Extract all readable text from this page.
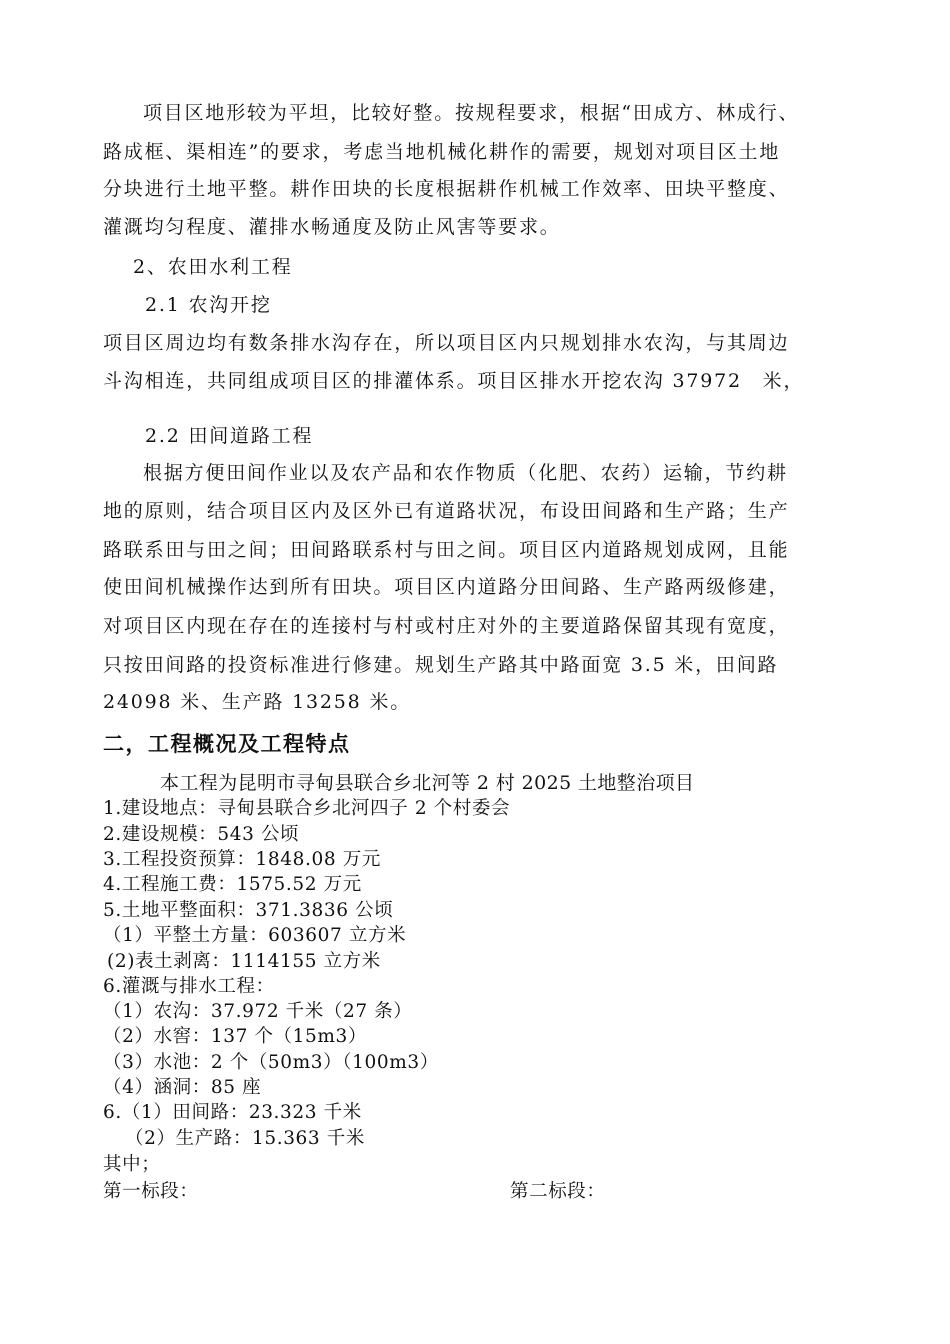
项目区地形较为平坦，比较好整。按规程要求，根据“田成方、林成行、
路成框、渠相连”的要求，考虑当地机械化耕作的需要，规划对项目区土地
分块进行土地平整。耕作田块的长度根据耕作机械工作效率、田块平整度、
灌溉均匀程度、灌排水畅通度及防止风害等要求。
2、农田水利工程
2.1 农沟开挖
项目区周边均有数条排水沟存在，所以项目区内只规划排水农沟，与其周边
斗沟相连，共同组成项目区的排灌体系。项目区排水开挖农沟 37972　米，
2.2 田间道路工程
根据方便田间作业以及农产品和农作物质（化肥、农药）运输，节约耕
地的原则，结合项目区内及区外已有道路状况，布设田间路和生产路；生产
路联系田与田之间；田间路联系村与田之间。项目区内道路规划成网，且能
使田间机械操作达到所有田块。项目区内道路分田间路、生产路两级修建，
对项目区内现在存在的连接村与村或村庄对外的主要道路保留其现有宽度，
只按田间路的投资标准进行修建。规划生产路其中路面宽 3.5 米，田间路
24098 米、生产路 13258 米。
二，工程概况及工程特点
本工程为昆明市寻甸县联合乡北河等 2 村 2025 土地整治项目
1.建设地点：寻甸县联合乡北河四子 2 个村委会
2.建设规模：543 公顷
3.工程投资预算：1848.08 万元
4.工程施工费：1575.52 万元
5.土地平整面积：371.3836 公顷
（1）平整土方量：603607 立方米
(2)表土剥离：1114155 立方米
6.灌溉与排水工程：
（1）农沟：37.972 千米（27 条）
（2）水窖：137 个（15m3）
（3）水池：2 个（50m3）（100m3）
（4）涵洞：85 座
6.（1）田间路：23.323 千米
（2）生产路：15.363 千米
其中；
第一标段：	第二标段：
